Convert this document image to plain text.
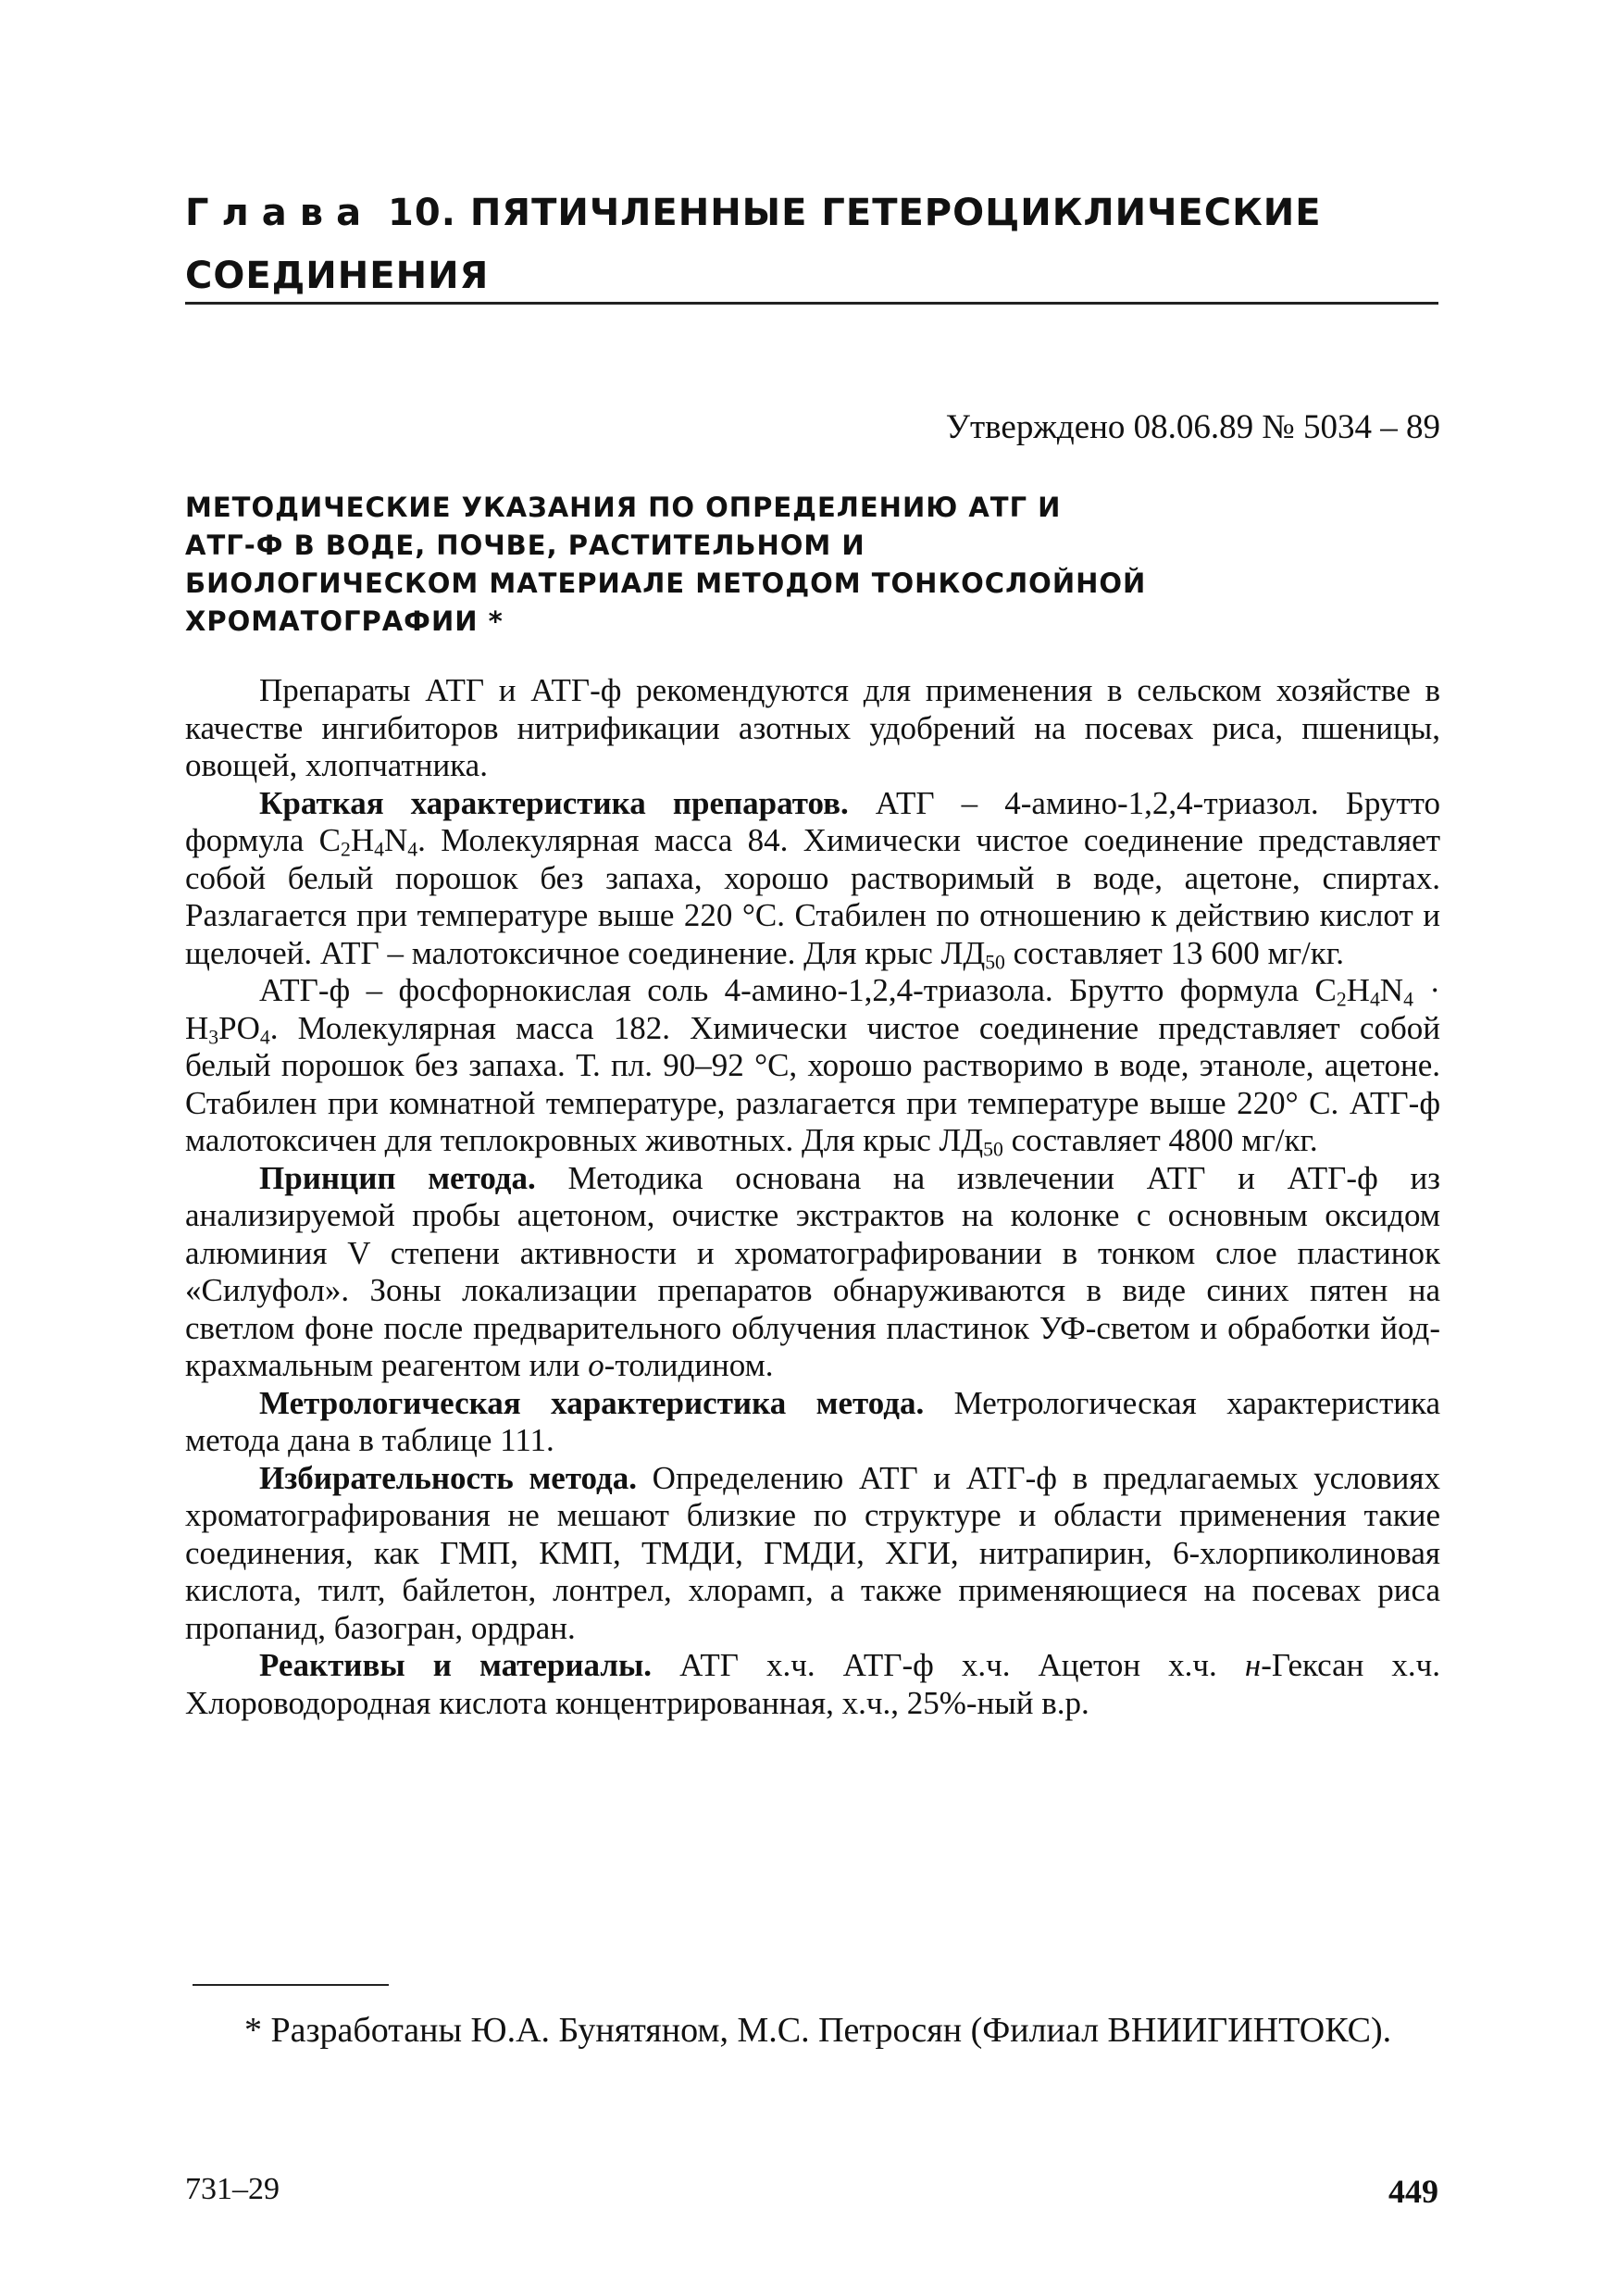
Глава 10. ПЯТИЧЛЕННЫЕ ГЕТЕРОЦИКЛИЧЕСКИЕ
СОЕДИНЕНИЯ
Утверждено 08.06.89 № 5034 – 89
МЕТОДИЧЕСКИЕ УКАЗАНИЯ ПО ОПРЕДЕЛЕНИЮ АТГ И
АТГ-Ф В ВОДЕ, ПОЧВЕ, РАСТИТЕЛЬНОМ И
БИОЛОГИЧЕСКОМ МАТЕРИАЛЕ МЕТОДОМ ТОНКОСЛОЙНОЙ
ХРОМАТОГРАФИИ *

Препараты АТГ и АТГ-ф рекомендуются для применения в сельском хозяйстве в качестве ингибиторов нитрификации азотных удобрений на посевах риса, пшеницы, овощей, хлопчатника.

Краткая характеристика препаратов. АТГ – 4-амино-1,2,4-триазол. Брутто формула $C_2H_4N_4$. Молекулярная масса 84. Химически чистое соединение представляет собой белый порошок без запаха, хорошо растворимый в воде, ацетоне, спиртах. Разлагается при температуре выше 220 °C. Стабилен по отношению к действию кислот и щелочей. АТГ – малотоксичное соединение. Для крыс $ЛД_{50}$ составляет 13 600 мг/кг.

АТГ-ф – фосфорнокислая соль 4-амино-1,2,4-триазола. Брутто формула $C_2H_4N_4 \cdot H_3PO_4$. Молекулярная масса 182. Химически чистое соединение представляет собой белый порошок без запаха. Т. пл. 90–92 °C, хорошо растворимо в воде, этаноле, ацетоне. Стабилен при комнатной температуре, разлагается при температуре выше 220° С. АТГ-ф малотоксичен для теплокровных животных. Для крыс $ЛД_{50}$ составляет 4800 мг/кг.

Принцип метода. Методика основана на извлечении АТГ и АТГ-ф из анализируемой пробы ацетоном, очистке экстрактов на колонке с основным оксидом алюминия V степени активности и хроматографировании в тонком слое пластинок «Силуфол». Зоны локализации препаратов обнаруживаются в виде синих пятен на светлом фоне после предварительного облучения пластинок УФ-светом и обработки йод-крахмальным реагентом или о-толидином.

Метрологическая характеристика метода. Метрологическая характеристика метода дана в таблице 111.

Избирательность метода. Определению АТГ и АТГ-ф в предлагаемых условиях хроматографирования не мешают близкие по структуре и области применения такие соединения, как ГМП, КМП, ТМДИ, ГМДИ, ХГИ, нитрапирин, 6-хлорпиколиновая кислота, тилт, байлетон, лонтрел, хлорамп, а также применяющиеся на посевах риса пропанид, базогран, ордран.

Реактивы и материалы. АТГ х.ч. АТГ-ф х.ч. Ацетон х.ч. н-Гексан х.ч. Хлороводородная кислота концентрированная, х.ч., 25%-ный в.р.

* Разработаны Ю.А. Бунятяном, М.С. Петросян (Филиал ВНИИГИНТОКС).

731–29	449
